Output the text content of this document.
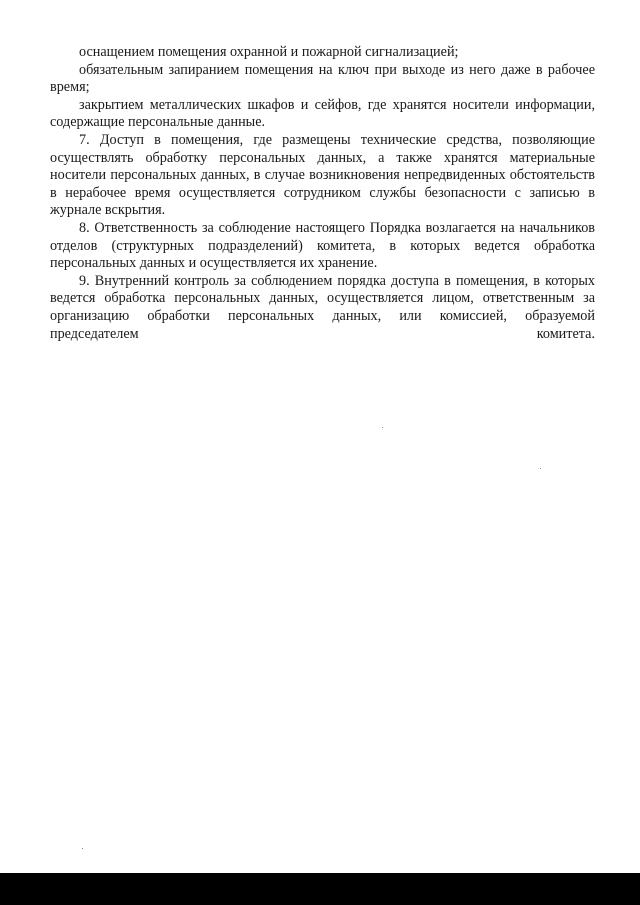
оснащением помещения охранной и пожарной сигнализацией;

обязательным запиранием помещения на ключ при выходе из него даже в рабочее время;

закрытием металлических шкафов и сейфов, где хранятся носители информации, содержащие персональные данные.

7. Доступ в помещения, где размещены технические средства, позволяющие осуществлять обработку персональных данных, а также хранятся материальные носители персональных данных, в случае возникновения непредвиденных обстоятельств в нерабочее время осуществляется сотрудником службы безопасности с записью в журнале вскрытия.

8. Ответственность за соблюдение настоящего Порядка возлагается на начальников отделов (структурных подразделений) комитета, в которых ведется обработка персональных данных и осуществляется их хранение.

9. Внутренний контроль за соблюдением порядка доступа в помещения, в которых ведется обработка персональных данных, осуществляется лицом, ответственным за организацию обработки персональных данных, или комиссией, образуемой председателем комитета.
